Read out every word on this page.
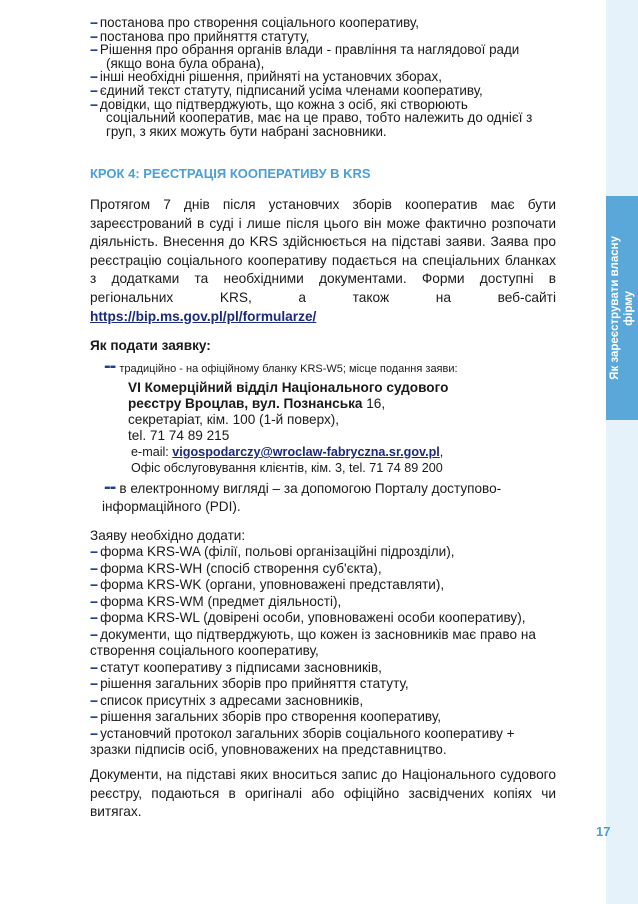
Як зареєструвати власну фірму
-- постанова про створення соціального кооперативу,
-- постанова про прийняття статуту,
-- Рішення про обрання органів влади - правління та наглядової ради
(якщо вона була обрана),
-- інші необхідні рішення, прийняті на установчих зборах,
-- єдиний текст статуту, підписаний усіма членами кооперативу,
-- довідки, що підтверджують, що кожна з осіб, які створюють
соціальний кооператив, має на це право, тобто належить до однієї з
груп, з яких можуть бути набрані засновники.
КРОК 4: РЕЄСТРАЦІЯ КООПЕРАТИВУ В KRS
Протягом 7 днів після установчих зборів кооператив має бути
зареєстрований в суді і лише після цього він може фактично розпочати
діяльність. Внесення до KRS здійснюється на підставі заяви. Заява про
реєстрацію соціального кооперативу подається на спеціальних бланках
з додатками та необхідними документами. Форми доступні в
регіональних KRS, а також на веб-сайті
https://bip.ms.gov.pl/pl/formularze/
Як подати заявку:
-- традиційно - на офіційному бланку KRS-W5; місце подання заяви:
VI Комерційний відділ Національного судового
реєстру Вроцлав, вул. Познанська 16,
секретаріат, кім. 100 (1-й поверх),
tel. 71 74 89 215
e-mail: vigospodarczy@wroclaw-fabryczna.sr.gov.pl,
Офіс обслуговування клієнтів, кім. 3, tel. 71 74 89 200
-- в електронному вигляді – за допомогою Порталу доступово-
інформаційного (PDI).
Заяву необхідно додати:
-- форма KRS-WA (філії, польові організаційні підрозділи),
-- форма KRS-WH (спосіб створення суб'єкта),
-- форма KRS-WK (органи, уповноважені представляти),
-- форма KRS-WM (предмет діяльності),
-- форма KRS-WL (довірені особи, уповноважені особи кооперативу),
-- документи, що підтверджують, що кожен із засновників має право на
створення соціального кооперативу,
-- статут кооперативу з підписами засновників,
-- рішення загальних зборів про прийняття статуту,
-- список присутніх з адресами засновників,
-- рішення загальних зборів про створення кооперативу,
-- установчий протокол загальних зборів соціального кооперативу +
зразки підписів осіб, уповноважених на представництво.
Документи, на підставі яких вноситься запис до Національного судового
реєстру, подаються в оригіналі або офіційно засвідчених копіях чи
витягах.
17
